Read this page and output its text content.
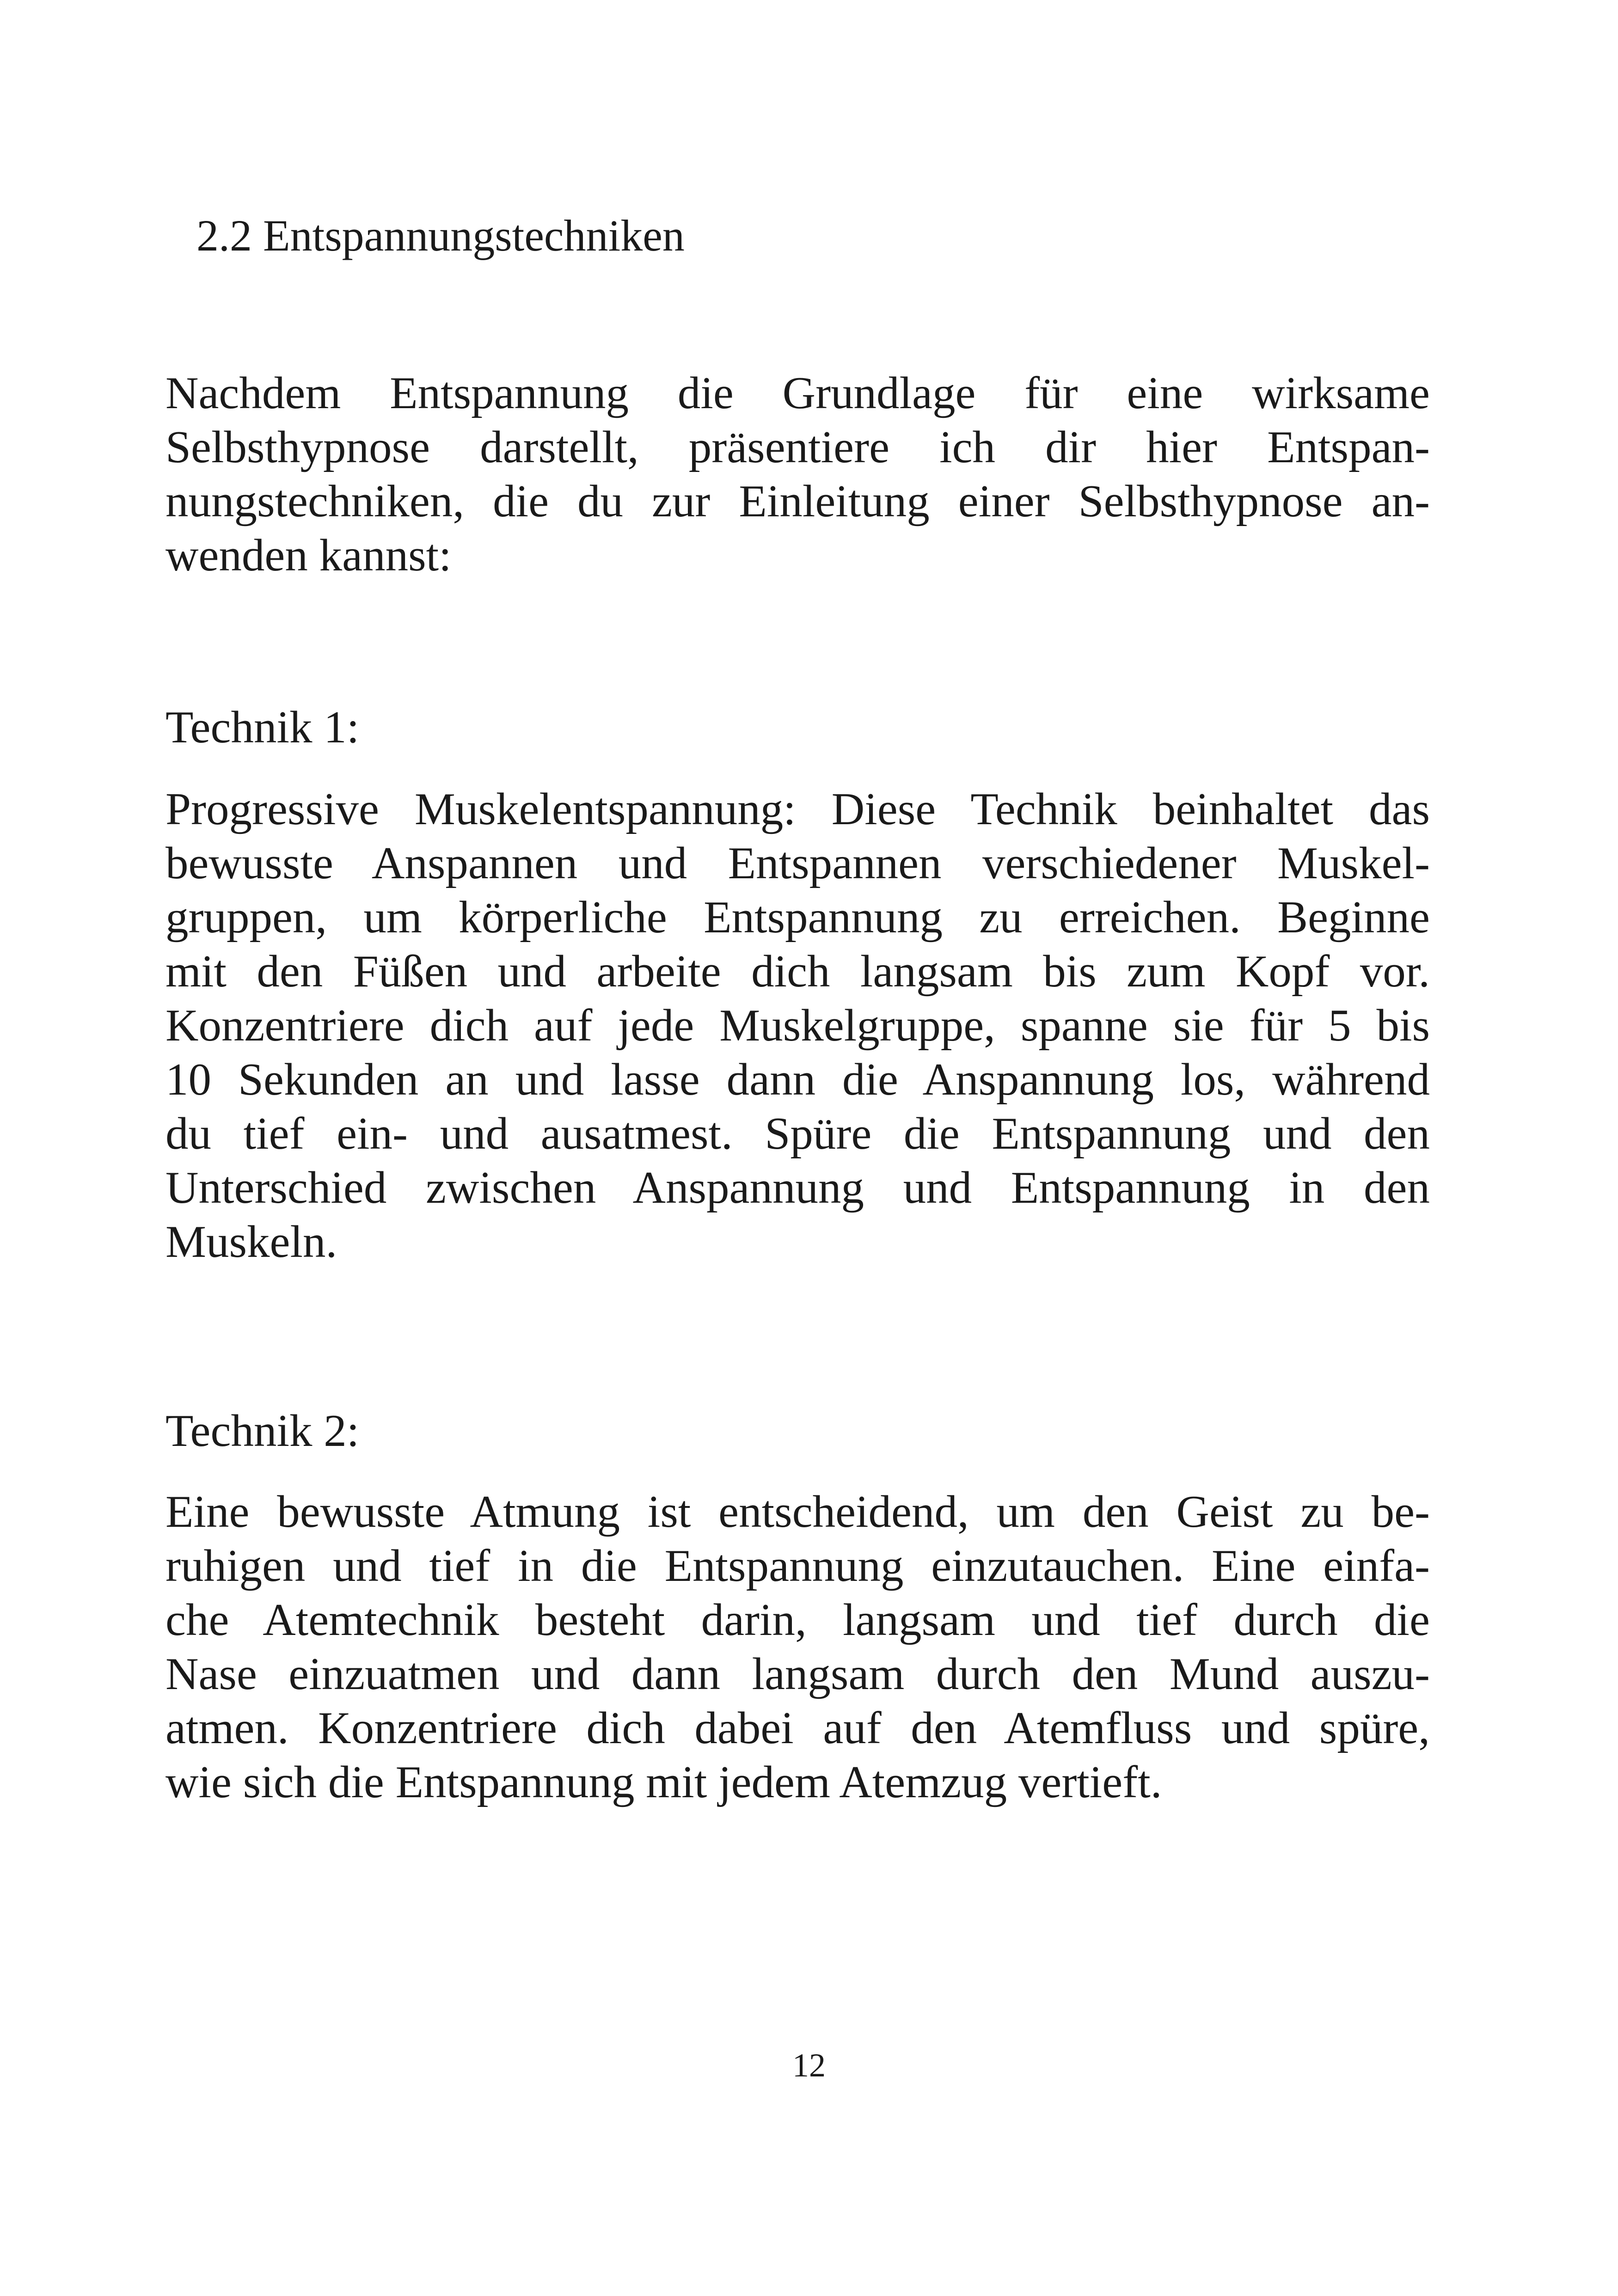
2.2 Entspannungstechniken

Nachdem Entspannung die Grundlage für eine wirksame
Selbsthypnose darstellt, präsentiere ich dir hier Entspan-
nungstechniken, die du zur Einleitung einer Selbsthypnose an-
wenden kannst:

Technik 1:

Progressive Muskelentspannung: Diese Technik beinhaltet das
bewusste Anspannen und Entspannen verschiedener Muskel-
gruppen, um körperliche Entspannung zu erreichen. Beginne
mit den Füßen und arbeite dich langsam bis zum Kopf vor.
Konzentriere dich auf jede Muskelgruppe, spanne sie für 5 bis
10 Sekunden an und lasse dann die Anspannung los, während
du tief ein- und ausatmest. Spüre die Entspannung und den
Unterschied zwischen Anspannung und Entspannung in den
Muskeln.

Technik 2:

Eine bewusste Atmung ist entscheidend, um den Geist zu be-
ruhigen und tief in die Entspannung einzutauchen. Eine einfa-
che Atemtechnik besteht darin, langsam und tief durch die
Nase einzuatmen und dann langsam durch den Mund auszu-
atmen. Konzentriere dich dabei auf den Atemfluss und spüre,
wie sich die Entspannung mit jedem Atemzug vertieft.

12
